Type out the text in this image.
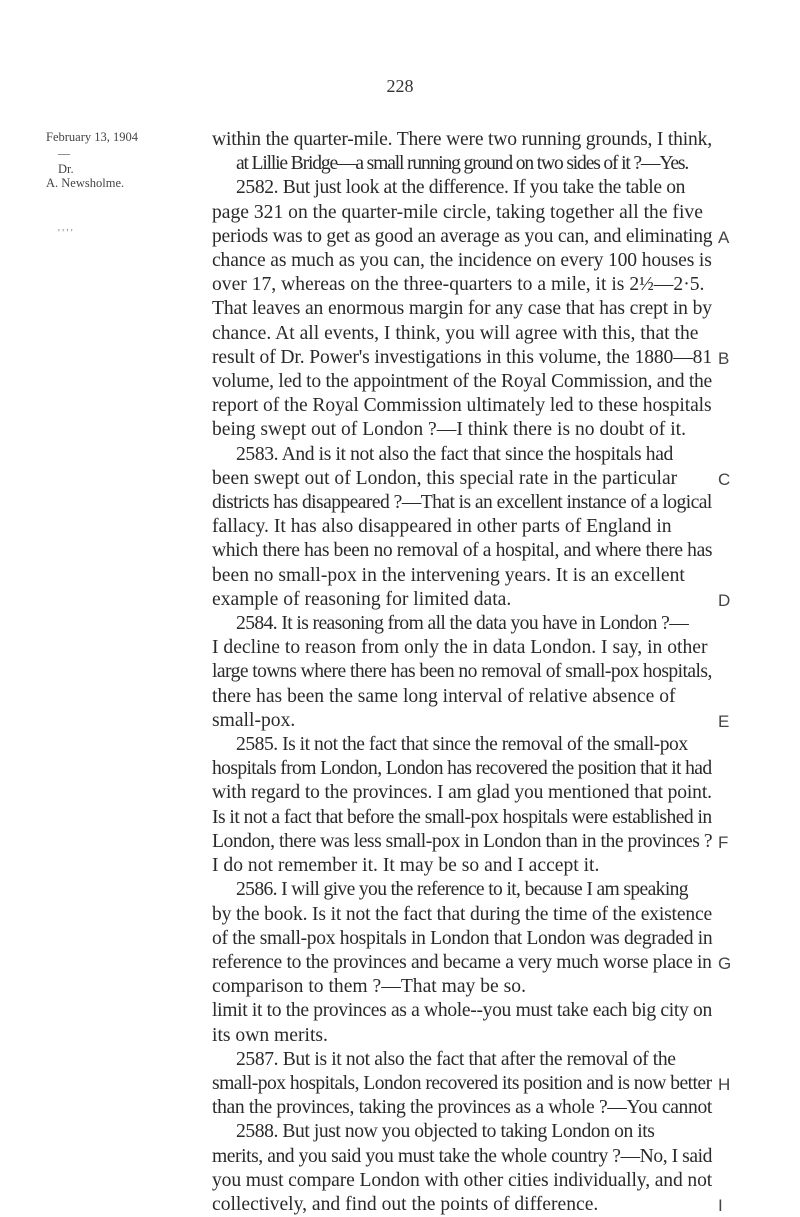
228
February 13, 1904
—
Dr.
A. Newsholme.
' ' ' '
within the quarter-mile. There were two running grounds, I think,
at Lillie Bridge—a small running ground on two sides of it ?—Yes.
2582. But just look at the difference. If you take the table on
page 321 on the quarter-mile circle, taking together all the five
periods was to get as good an average as you can, and eliminating
chance as much as you can, the incidence on every 100 houses is
over 17, whereas on the three-quarters to a mile, it is 2½—2·5.
That leaves an enormous margin for any case that has crept in by
chance. At all events, I think, you will agree with this, that the
result of Dr. Power's investigations in this volume, the 1880—81
volume, led to the appointment of the Royal Commission, and the
report of the Royal Commission ultimately led to these hospitals
being swept out of London ?—I think there is no doubt of it.
2583. And is it not also the fact that since the hospitals had
been swept out of London, this special rate in the particular
districts has disappeared ?—That is an excellent instance of a logical
fallacy. It has also disappeared in other parts of England in
which there has been no removal of a hospital, and where there has
been no small-pox in the intervening years. It is an excellent
example of reasoning for limited data.
2584. It is reasoning from all the data you have in London ?—
I decline to reason from only the in data London. I say, in other
large towns where there has been no removal of small-pox hospitals,
there has been the same long interval of relative absence of
small-pox.
2585. Is it not the fact that since the removal of the small-pox
hospitals from London, London has recovered the position that it had
with regard to the provinces. I am glad you mentioned that point.
Is it not a fact that before the small-pox hospitals were established in
London, there was less small-pox in London than in the provinces ?
I do not remember it. It may be so and I accept it.
2586. I will give you the reference to it, because I am speaking
by the book. Is it not the fact that during the time of the existence
of the small-pox hospitals in London that London was degraded in
reference to the provinces and became a very much worse place in
comparison to them ?—That may be so.
limit it to the provinces as a whole--you must take each big city on
its own merits.
2587. But is it not also the fact that after the removal of the
small-pox hospitals, London recovered its position and is now better
than the provinces, taking the provinces as a whole ?—You cannot
2588. But just now you objected to taking London on its
merits, and you said you must take the whole country ?—No, I said
you must compare London with other cities individually, and not
collectively, and find out the points of difference.
A
B
C
D
E
F
G
H
I
